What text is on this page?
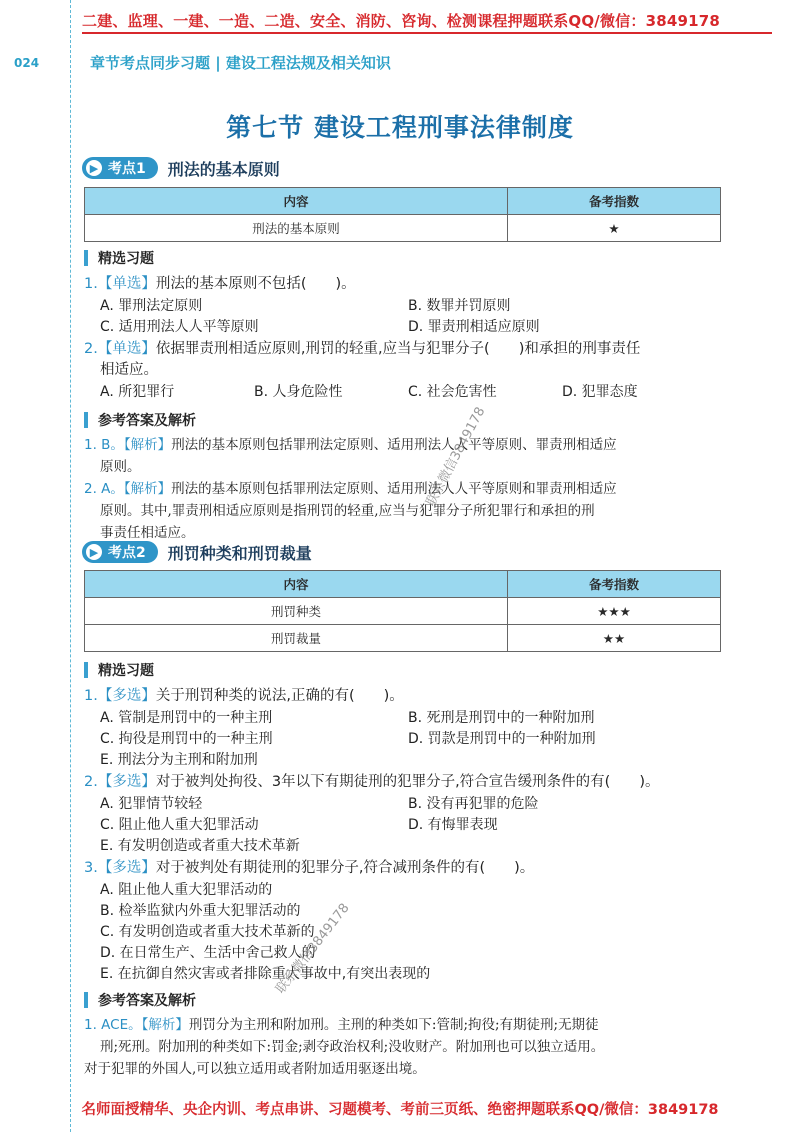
二建、监理、一建、一造、二造、安全、消防、咨询、检测课程押题联系QQ/微信：3849178
024	章节考点同步习题 | 建设工程法规及相关知识
第七节 建设工程刑事法律制度
▶ 考点1 刑法的基本原则
内容	备考指数
刑法的基本原则	★
精选习题
1.【单选】刑法的基本原则不包括(　　)。
A. 罪刑法定原则	B. 数罪并罚原则
C. 适用刑法人人平等原则	D. 罪责刑相适应原则
2.【单选】依据罪责刑相适应原则,刑罚的轻重,应当与犯罪分子(　　)和承担的刑事责任
相适应。
A. 所犯罪行	B. 人身危险性	C. 社会危害性	D. 犯罪态度
参考答案及解析
1. B。【解析】刑法的基本原则包括罪刑法定原则、适用刑法人人平等原则、罪责刑相适应
原则。
2. A。【解析】刑法的基本原则包括罪刑法定原则、适用刑法人人平等原则和罪责刑相适应
原则。其中,罪责刑相适应原则是指刑罚的轻重,应当与犯罪分子所犯罪行和承担的刑
事责任相适应。
▶ 考点2 刑罚种类和刑罚裁量
内容	备考指数
刑罚种类	★★★
刑罚裁量	★★
精选习题
1.【多选】关于刑罚种类的说法,正确的有(　　)。
A. 管制是刑罚中的一种主刑	B. 死刑是刑罚中的一种附加刑
C. 拘役是刑罚中的一种主刑	D. 罚款是刑罚中的一种附加刑
E. 刑法分为主刑和附加刑
2.【多选】对于被判处拘役、3年以下有期徒刑的犯罪分子,符合宣告缓刑条件的有(　　)。
A. 犯罪情节较轻	B. 没有再犯罪的危险
C. 阻止他人重大犯罪活动	D. 有悔罪表现
E. 有发明创造或者重大技术革新
3.【多选】对于被判处有期徒刑的犯罪分子,符合减刑条件的有(　　)。
A. 阻止他人重大犯罪活动的
B. 检举监狱内外重大犯罪活动的
C. 有发明创造或者重大技术革新的
D. 在日常生产、生活中舍己救人的
E. 在抗御自然灾害或者排除重大事故中,有突出表现的
参考答案及解析
1. ACE。【解析】刑罚分为主刑和附加刑。主刑的种类如下:管制;拘役;有期徒刑;无期徒
刑;死刑。附加刑的种类如下:罚金;剥夺政治权利;没收财产。附加刑也可以独立适用。
对于犯罪的外国人,可以独立适用或者附加适用驱逐出境。
联系微信3849178
联系微信3849178
名师面授精华、央企内训、考点串讲、习题模考、考前三页纸、绝密押题联系QQ/微信：3849178
